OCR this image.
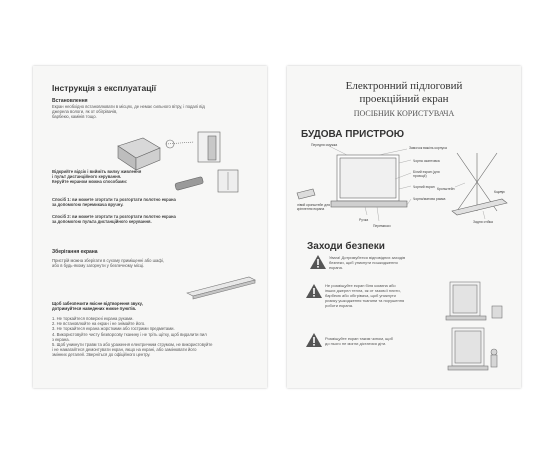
Інструкція з експлуатації
Встановлення
Екран необхідно встановлювати в місцях, де немає сильного вітру, і подалі від
джерела вологи, як от обігрівачів,
барбекю, камінів тощо.
Відкрийте відсік і вийміть вилку живлення
і пульт дистанційного керування.
Керуйте екраном можна способами:
Спосіб 1: ви можете згортати та розгортати полотно екрана
за допомогою перемикача вручну.
Спосіб 2: ви можете згортати та розгортати полотно екрана
за допомогою пульта дистанційного керування.
Зберігання екрана
Пристрій можна зберігати в сухому приміщенні або шафі,
або в будь-якому загорнути у безпечному місці.
Щоб забезпечити якісне відтворення звуку,
дотримуйтеся наведених нижче пунктів.
1. Не торкайтеся поверхні екрана руками.
2. Не встановлюйте на екран і не знімайте його.
3. Не торкайтеся екрана жорсткими або гострими предметами.
4. Використовуйте чисту безворсову тканину і не тріть щітку, щоб видалити пил
з екрана.
5. Щоб уникнути травм та або ураження електричним струмом, не використовуйте
і не намагайтеся демонтувати екран, якщо на екрані, або замінювати його
змінних деталей. Зверніться до офіційного центру.
Електронний підлоговий
проекційний екран
ПОСІБНИК КОРИСТУВАЧА
БУДОВА ПРИСТРОЮ
Передня смужка
Замочок важіль корпуса
Чорна окантовка
Білий екран (для проєкції)
Чорний екран
Чорна/матова рамка
Кронштейн
Корпус
Ручка
Перемикач
Задня стійка
лівий кронштейн для кріплення екрана
Заходи безпеки
Увага! Дотримуйтеся відповідних заходів
безпеки, щоб уникнути пошкодження
екрана.
Не розміщуйте екран біля комина або
інших джерел тепла, як от газової плити,
барбекю або обігрівача, щоб уникнути
ризику ушкодження тканини та порушення
роботи екрана.
Розміщуйте екран таким чином, щоб
до нього не могли дістатися діти.
